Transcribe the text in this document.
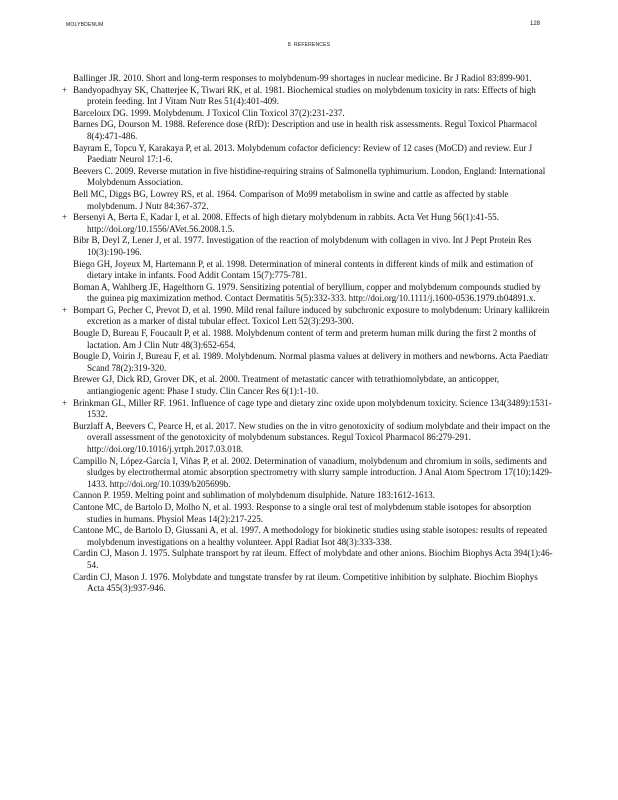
MOLYBDENUM	128
8. REFERENCES

Ballinger JR. 2010. Short and long-term responses to molybdenum-99 shortages in nuclear medicine. Br J Radiol 83:899-901.

+ Bandyopadhyay SK, Chatterjee K, Tiwari RK, et al. 1981. Biochemical studies on molybdenum toxicity in rats: Effects of high protein feeding. Int J Vitam Nutr Res 51(4):401-409.

Barceloux DG. 1999. Molybdenum. J Toxicol Clin Toxicol 37(2):231-237.

Barnes DG, Dourson M. 1988. Reference dose (RfD): Description and use in health risk assessments. Regul Toxicol Pharmacol 8(4):471-486.

Bayram E, Topcu Y, Karakaya P, et al. 2013. Molybdenum cofactor deficiency: Review of 12 cases (MoCD) and review. Eur J Paediatr Neurol 17:1-6.

Beevers C. 2009. Reverse mutation in five histidine-requiring strains of Salmonella typhimurium. London, England: International Molybdenum Association.

Bell MC, Diggs BG, Lowrey RS, et al. 1964. Comparison of Mo99 metabolism in swine and cattle as affected by stable molybdenum. J Nutr 84:367-372.

+ Bersenyi A, Berta E, Kadar I, et al. 2008. Effects of high dietary molybdenum in rabbits. Acta Vet Hung 56(1):41-55. http://doi.org/10.1556/AVet.56.2008.1.5.

Bibr B, Deyl Z, Lener J, et al. 1977. Investigation of the reaction of molybdenum with collagen in vivo. Int J Pept Protein Res 10(3):190-196.

Biego GH, Joyeux M, Hartemann P, et al. 1998. Determination of mineral contents in different kinds of milk and estimation of dietary intake in infants. Food Addit Contam 15(7):775-781.

Boman A, Wahlberg JE, Hagelthorn G. 1979. Sensitizing potential of beryllium, copper and molybdenum compounds studied by the guinea pig maximization method. Contact Dermatitis 5(5):332-333. http://doi.org/10.1111/j.1600-0536.1979.tb04891.x.

+ Bompart G, Pecher C, Prevot D, et al. 1990. Mild renal failure induced by subchronic exposure to molybdenum: Urinary kallikrein excretion as a marker of distal tubular effect. Toxicol Lett 52(3):293-300.

Bougle D, Bureau F, Foucault P, et al. 1988. Molybdenum content of term and preterm human milk during the first 2 months of lactation. Am J Clin Nutr 48(3):652-654.

Bougle D, Voirin J, Bureau F, et al. 1989. Molybdenum. Normal plasma values at delivery in mothers and newborns. Acta Paediatr Scand 78(2):319-320.

Brewer GJ, Dick RD, Grover DK, et al. 2000. Treatment of metastatic cancer with tetrathiomolybdate, an anticopper, antiangiogenic agent: Phase I study. Clin Cancer Res 6(1):1-10.

+ Brinkman GL, Miller RF. 1961. Influence of cage type and dietary zinc oxide upon molybdenum toxicity. Science 134(3489):1531-1532.

Burzlaff A, Beevers C, Pearce H, et al. 2017. New studies on the in vitro genotoxicity of sodium molybdate and their impact on the overall assessment of the genotoxicity of molybdenum substances. Regul Toxicol Pharmacol 86:279-291. http://doi.org/10.1016/j.yrtph.2017.03.018.

Campillo N, López-García I, Viñas P, et al. 2002. Determination of vanadium, molybdenum and chromium in soils, sediments and sludges by electrothermal atomic absorption spectrometry with slurry sample introduction. J Anal Atom Spectrom 17(10):1429-1433. http://doi.org/10.1039/b205699b.

Cannon P. 1959. Melting point and sublimation of molybdenum disulphide. Nature 183:1612-1613.

Cantone MC, de Bartolo D, Molho N, et al. 1993. Response to a single oral test of molybdenum stable isotopes for absorption studies in humans. Physiol Meas 14(2):217-225.

Cantone MC, de Bartolo D, Giussani A, et al. 1997. A methodology for biokinetic studies using stable isotopes: results of repeated molybdenum investigations on a healthy volunteer. Appl Radiat Isot 48(3):333-338.

Cardin CJ, Mason J. 1975. Sulphate transport by rat ileum. Effect of molybdate and other anions. Biochim Biophys Acta 394(1):46-54.

Cardin CJ, Mason J. 1976. Molybdate and tungstate transfer by rat ileum. Competitive inhibition by sulphate. Biochim Biophys Acta 455(3):937-946.
